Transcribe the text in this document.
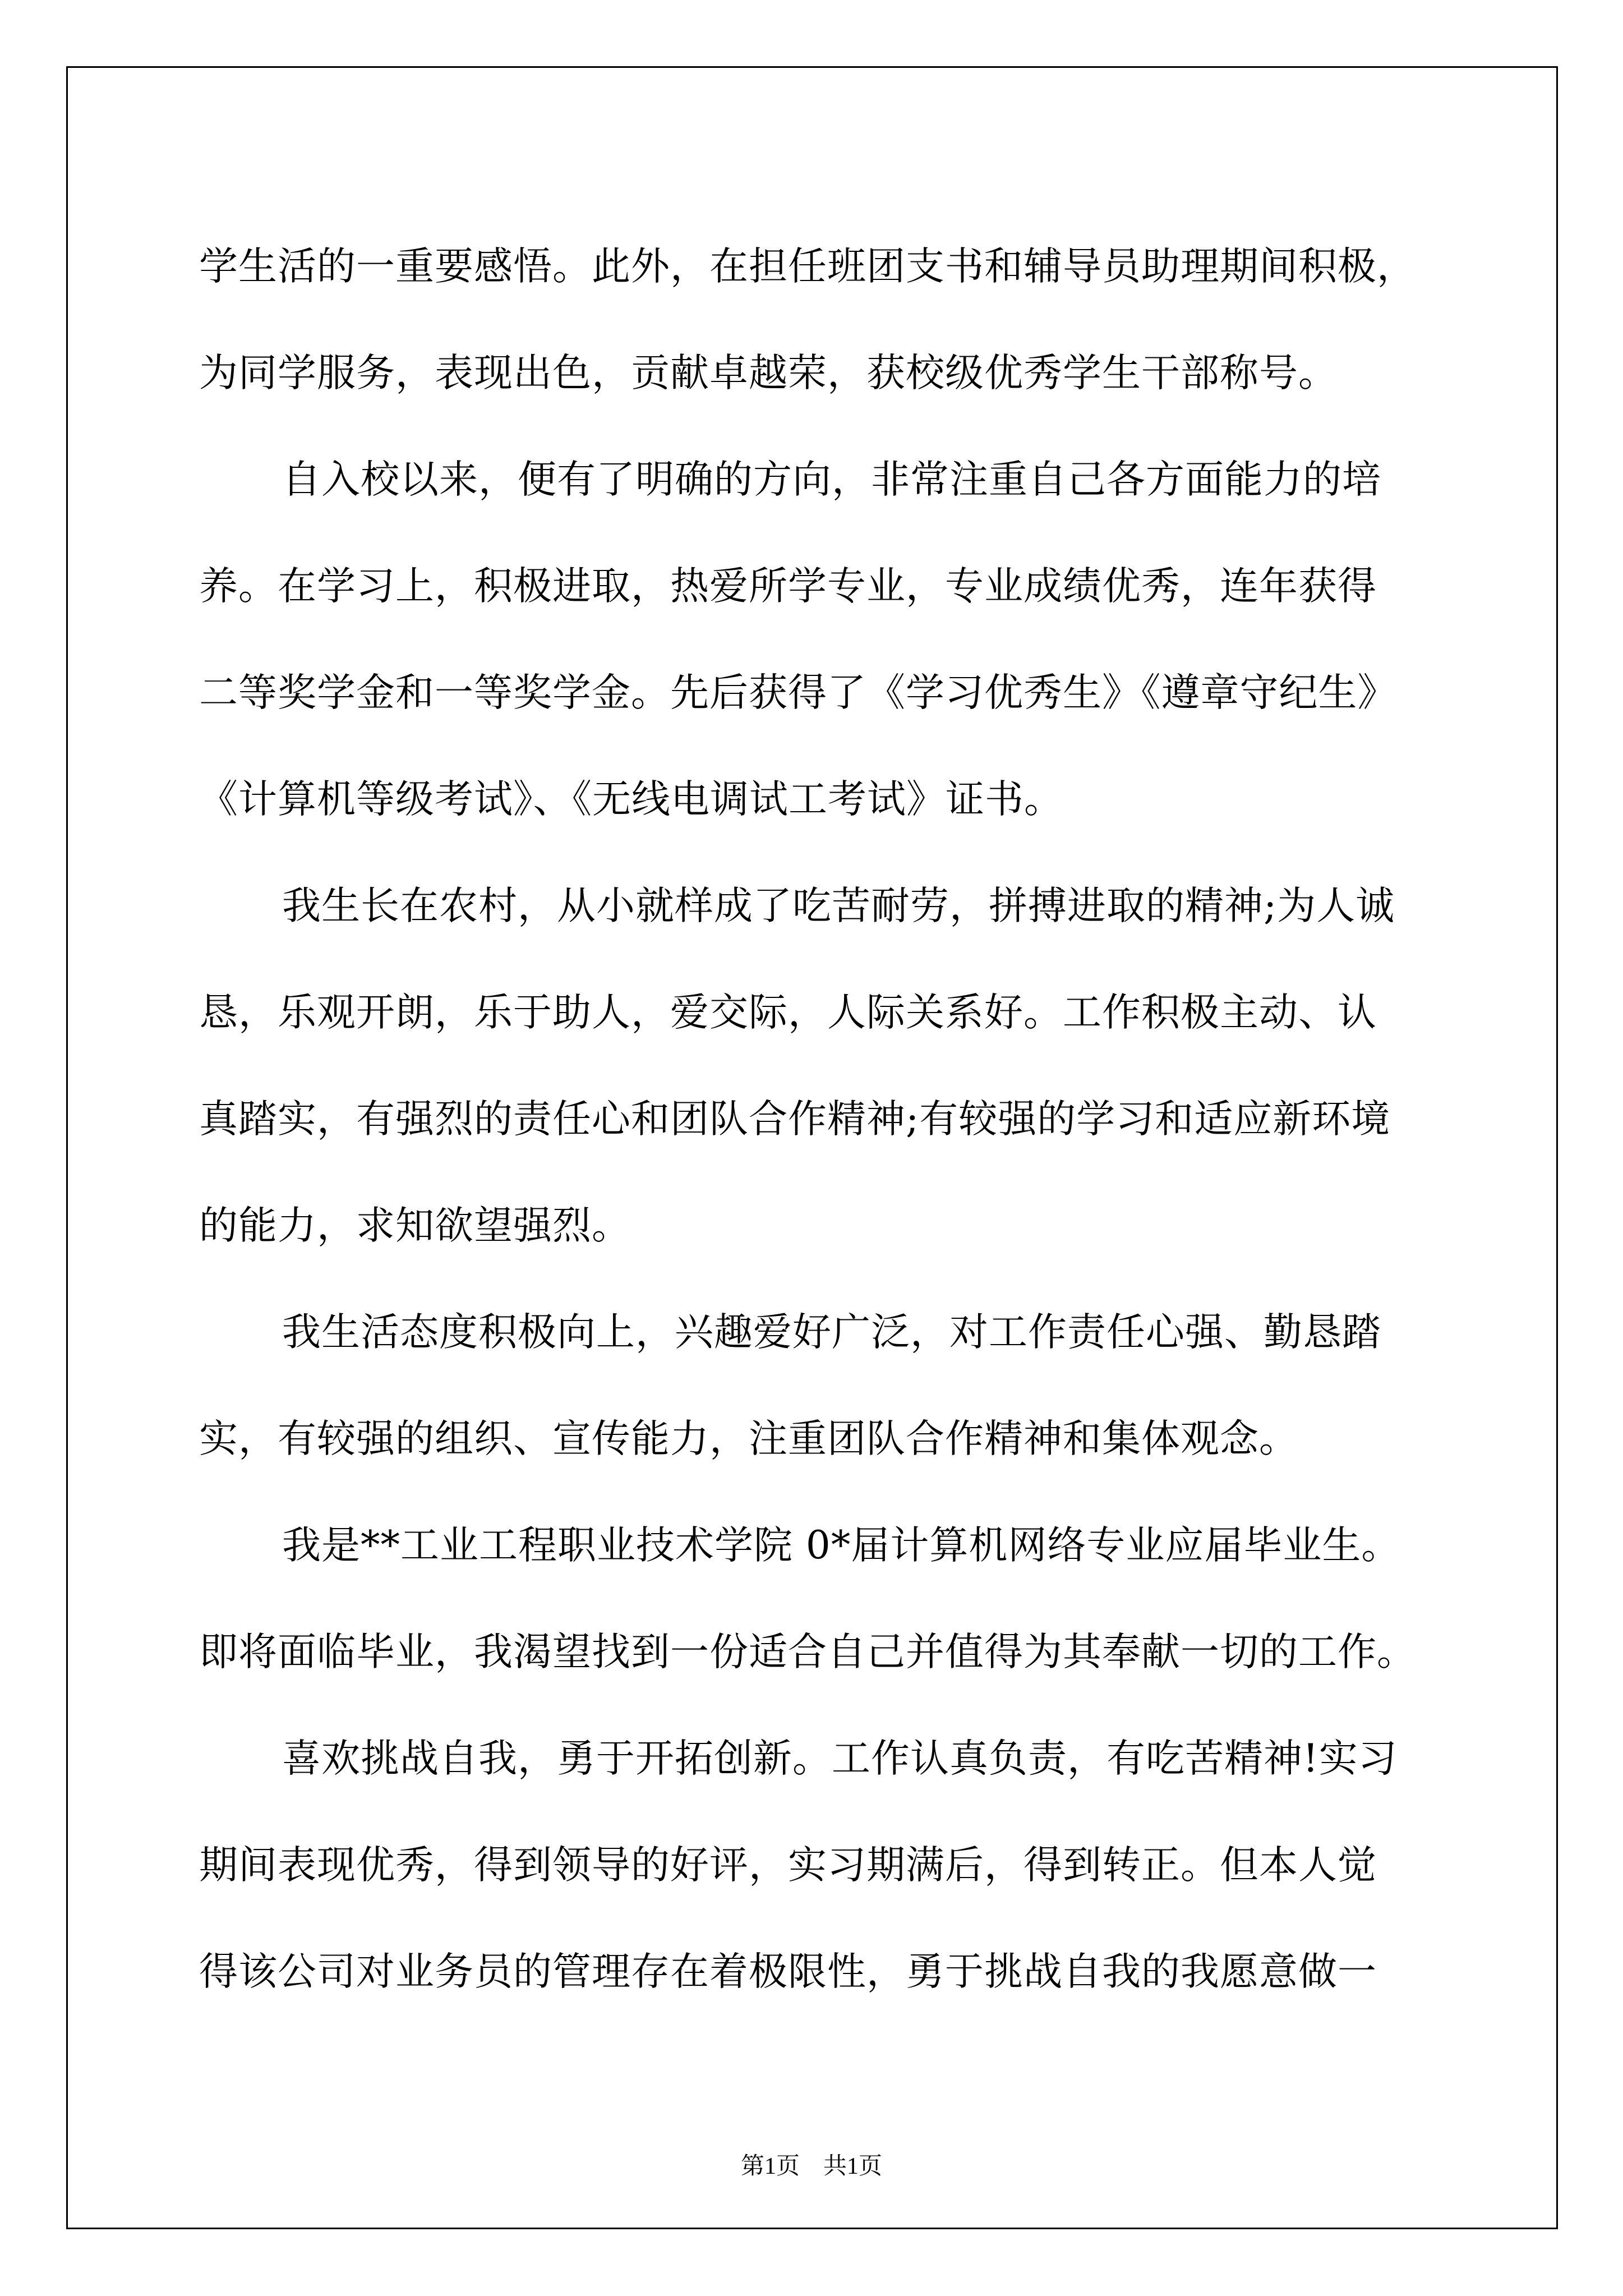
学生活的一重要感悟。此外，在担任班团支书和辅导员助理期间积极，
为同学服务，表现出色，贡献卓越荣，获校级优秀学生干部称号。
自入校以来，便有了明确的方向，非常注重自己各方面能力的培
养。在学习上，积极进取，热爱所学专业，专业成绩优秀，连年获得
二等奖学金和一等奖学金。先后获得了《学习优秀生》《遵章守纪生》
《计算机等级考试》、《无线电调试工考试》证书。
我生长在农村，从小就样成了吃苦耐劳，拼搏进取的精神;为人诚
恳，乐观开朗，乐于助人，爱交际，人际关系好。工作积极主动、认
真踏实，有强烈的责任心和团队合作精神;有较强的学习和适应新环境
的能力，求知欲望强烈。
我生活态度积极向上，兴趣爱好广泛，对工作责任心强、勤恳踏
实，有较强的组织、宣传能力，注重团队合作精神和集体观念。
我是**工业工程职业技术学院 0*届计算机网络专业应届毕业生。
即将面临毕业，我渴望找到一份适合自己并值得为其奉献一切的工作。
喜欢挑战自我，勇于开拓创新。工作认真负责，有吃苦精神!实习
期间表现优秀，得到领导的好评，实习期满后，得到转正。但本人觉
得该公司对业务员的管理存在着极限性，勇于挑战自我的我愿意做一
第1页　共1页
